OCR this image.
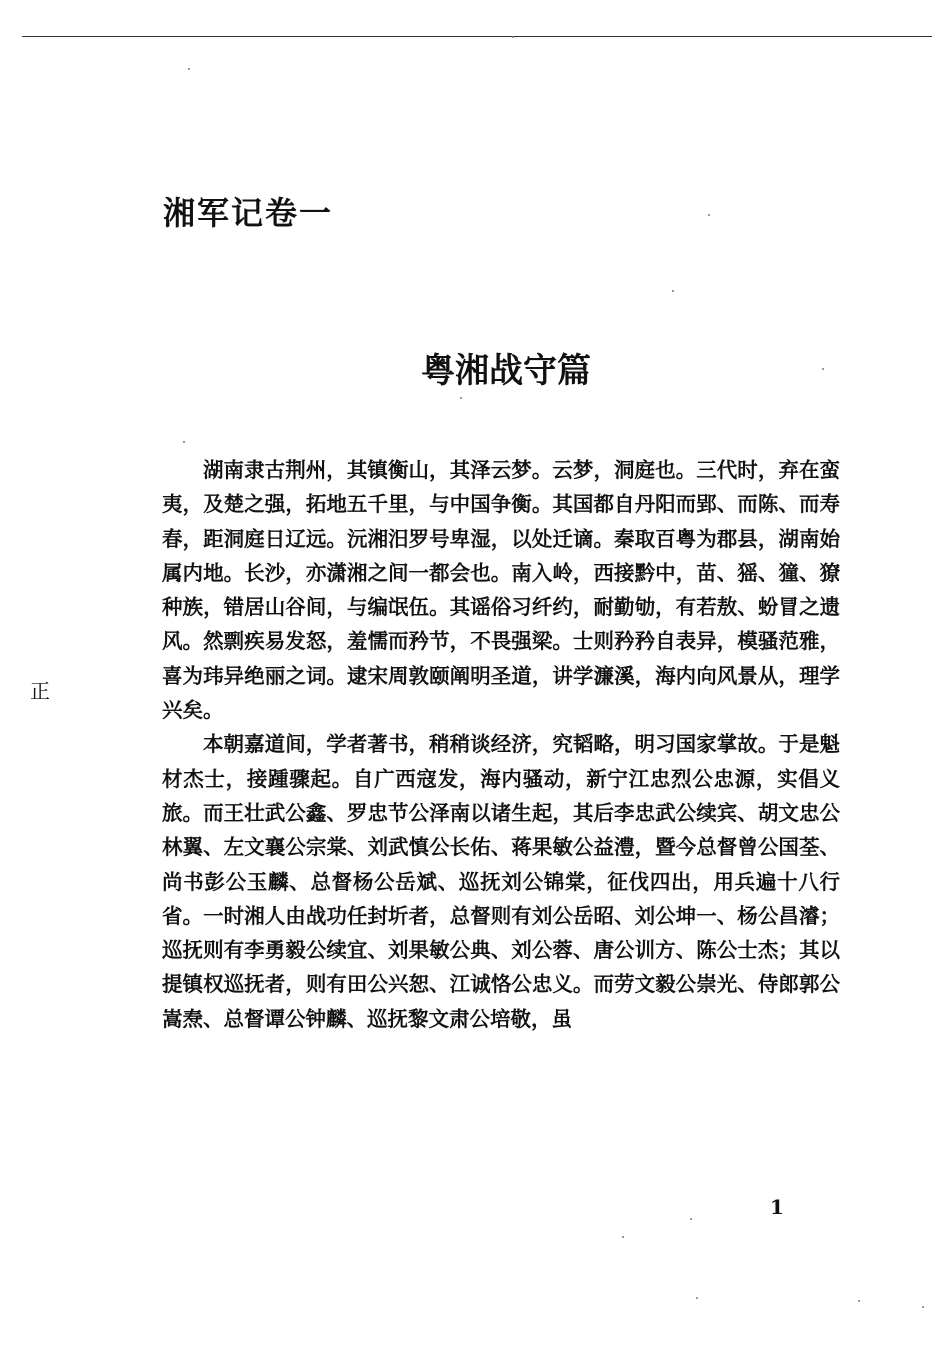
湘军记卷一
粤湘战守篇
正

湖南隶古荆州，其镇衡山，其泽云梦。云梦，洞庭也。三代时，弃在蛮夷，及楚之强，拓地五千里，与中国争衡。其国都自丹阳而郢、而陈、而寿春，距洞庭日辽远。沅湘汨罗号卑湿，以处迁谪。秦取百粤为郡县，湖南始属内地。长沙，亦潇湘之间一都会也。南入岭，西接黔中，苗、猺、獞、獠种族，错居山谷间，与编氓伍。其谣俗习纤约，耐勤劬，有若敖、蚡冒之遗风。然剽疾易发怒，羞懦而矜节，不畏强梁。士则矜矜自表异，模骚范雅，喜为玮异绝丽之词。逮宋周敦颐阐明圣道，讲学濂溪，海内向风景从，理学兴矣。

本朝嘉道间，学者著书，稍稍谈经济，究韬略，明习国家掌故。于是魁材杰士，接踵骤起。自广西寇发，海内骚动，新宁江忠烈公忠源，实倡义旅。而王壮武公鑫、罗忠节公泽南以诸生起，其后李忠武公续宾、胡文忠公林翼、左文襄公宗棠、刘武慎公长佑、蒋果敏公益澧，暨今总督曾公国荃、尚书彭公玉麟、总督杨公岳斌、巡抚刘公锦棠，征伐四出，用兵遍十八行省。一时湘人由战功任封圻者，总督则有刘公岳昭、刘公坤一、杨公昌濬；巡抚则有李勇毅公续宜、刘果敏公典、刘公蓉、唐公训方、陈公士杰；其以提镇权巡抚者，则有田公兴恕、江诚恪公忠义。而劳文毅公崇光、侍郎郭公嵩焘、总督谭公钟麟、巡抚黎文肃公培敬，虽

1
